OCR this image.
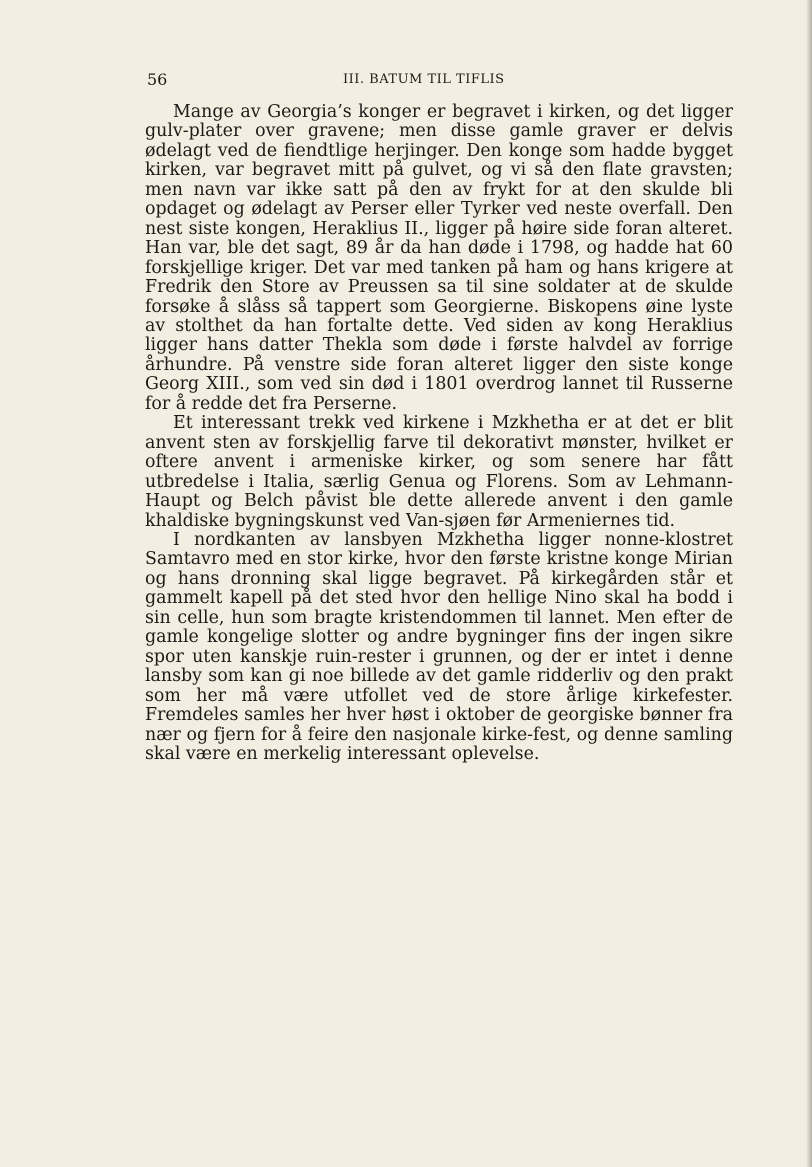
56	III. BATUM TIL TIFLIS

Mange av Georgia’s konger er begravet i kirken, og det ligger gulv-plater over gravene; men disse gamle graver er delvis ødelagt ved de fiendtlige herjinger. Den konge som hadde bygget kirken, var begravet mitt på gulvet, og vi så den flate gravsten; men navn var ikke satt på den av frykt for at den skulde bli opdaget og ødelagt av Perser eller Tyrker ved neste overfall. Den nest siste kongen, Heraklius II., ligger på høire side foran alteret. Han var, ble det sagt, 89 år da han døde i 1798, og hadde hat 60 forskjellige kriger. Det var med tanken på ham og hans krigere at Fredrik den Store av Preussen sa til sine soldater at de skulde forsøke å slåss så tappert som Georgierne. Biskopens øine lyste av stolthet da han fortalte dette. Ved siden av kong Heraklius ligger hans datter Thekla som døde i første halvdel av forrige århundre. På venstre side foran alteret ligger den siste konge Georg XIII., som ved sin død i 1801 overdrog lannet til Russerne for å redde det fra Perserne.

Et interessant trekk ved kirkene i Mzkhetha er at det er blit anvent sten av forskjellig farve til dekorativt mønster, hvilket er oftere anvent i armeniske kirker, og som senere har fått utbredelse i Italia, særlig Genua og Florens. Som av Lehmann-Haupt og Belch påvist ble dette allerede anvent i den gamle khaldiske bygningskunst ved Van-sjøen før Armeniernes tid.

I nordkanten av lansbyen Mzkhetha ligger nonne-klostret Samtavro med en stor kirke, hvor den første kristne konge Mirian og hans dronning skal ligge begravet. På kirkegården står et gammelt kapell på det sted hvor den hellige Nino skal ha bodd i sin celle, hun som bragte kristendommen til lannet. Men efter de gamle kongelige slotter og andre bygninger fins der ingen sikre spor uten kanskje ruin-rester i grunnen, og der er intet i denne lansby som kan gi noe billede av det gamle ridderliv og den prakt som her må være utfollet ved de store årlige kirkefester. Fremdeles samles her hver høst i oktober de georgiske bønner fra nær og fjern for å feire den nasjonale kirke-fest, og denne samling skal være en merkelig interessant oplevelse.
